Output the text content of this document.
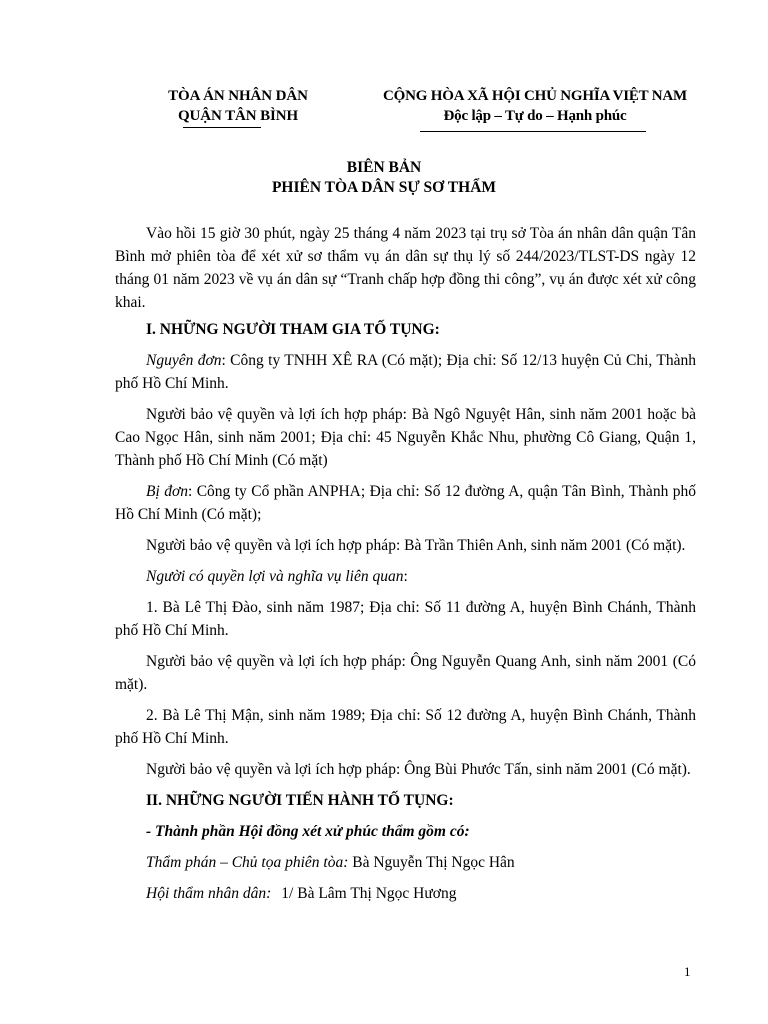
TÒA ÁN NHÂN DÂN
QUẬN TÂN BÌNH
CỘNG HÒA XÃ HỘI CHỦ NGHĨA VIỆT NAM
Độc lập – Tự do – Hạnh phúc
BIÊN BẢN
PHIÊN TÒA DÂN SỰ SƠ THẨM

Vào hồi 15 giờ 30 phút, ngày 25 tháng 4 năm 2023 tại trụ sở Tòa án nhân dân quận Tân Bình mở phiên tòa để xét xử sơ thẩm vụ án dân sự thụ lý số 244/2023/TLST-DS ngày 12 tháng 01 năm 2023 về vụ án dân sự “Tranh chấp hợp đồng thi công”, vụ án được xét xử công khai.

I. NHỮNG NGƯỜI THAM GIA TỐ TỤNG:

Nguyên đơn: Công ty TNHH XÊ RA (Có mặt); Địa chỉ: Số 12/13 huyện Củ Chi, Thành phố Hồ Chí Minh.

Người bảo vệ quyền và lợi ích hợp pháp: Bà Ngô Nguyệt Hân, sinh năm 2001 hoặc bà Cao Ngọc Hân, sinh năm 2001; Địa chỉ: 45 Nguyễn Khắc Nhu, phường Cô Giang, Quận 1, Thành phố Hồ Chí Minh (Có mặt)

Bị đơn: Công ty Cổ phần ANPHA; Địa chỉ: Số 12 đường A, quận Tân Bình, Thành phố Hồ Chí Minh (Có mặt);

Người bảo vệ quyền và lợi ích hợp pháp: Bà Trần Thiên Anh, sinh năm 2001 (Có mặt).

Người có quyền lợi và nghĩa vụ liên quan:

1. Bà Lê Thị Đào, sinh năm 1987; Địa chỉ: Số 11 đường A, huyện Bình Chánh, Thành phố Hồ Chí Minh.

Người bảo vệ quyền và lợi ích hợp pháp: Ông Nguyễn Quang Anh, sinh năm 2001 (Có mặt).

2. Bà Lê Thị Mận, sinh năm 1989; Địa chỉ: Số 12 đường A, huyện Bình Chánh, Thành phố Hồ Chí Minh.

Người bảo vệ quyền và lợi ích hợp pháp: Ông Bùi Phước Tấn, sinh năm 2001 (Có mặt).

II. NHỮNG NGƯỜI TIẾN HÀNH TỐ TỤNG:

- Thành phần Hội đồng xét xử phúc thẩm gồm có:

Thẩm phán – Chủ tọa phiên tòa: Bà Nguyễn Thị Ngọc Hân

Hội thẩm nhân dân: 1/ Bà Lâm Thị Ngọc Hương

1
